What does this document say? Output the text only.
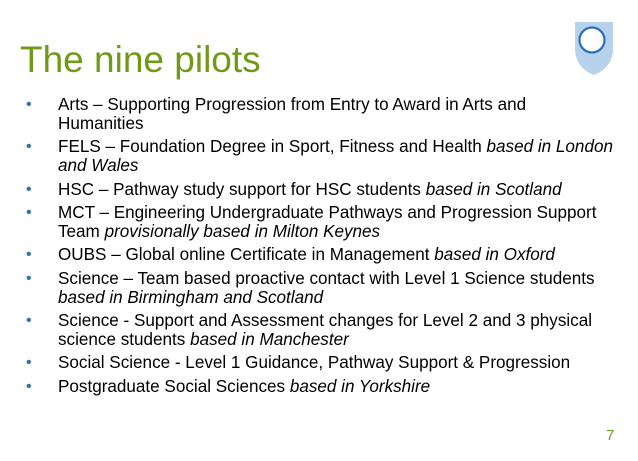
The nine pilots
• Arts – Supporting Progression from Entry to Award in Arts and Humanities
• FELS – Foundation Degree in Sport, Fitness and Health based in London and Wales
• HSC – Pathway study support for HSC students based in Scotland
• MCT – Engineering Undergraduate Pathways and Progression Support Team provisionally based in Milton Keynes
• OUBS – Global online Certificate in Management based in Oxford
• Science – Team based proactive contact with Level 1 Science students based in Birmingham and Scotland
• Science - Support and Assessment changes for Level 2 and 3 physical science students based in Manchester
• Social Science - Level 1 Guidance, Pathway Support & Progression
• Postgraduate Social Sciences based in Yorkshire
7
